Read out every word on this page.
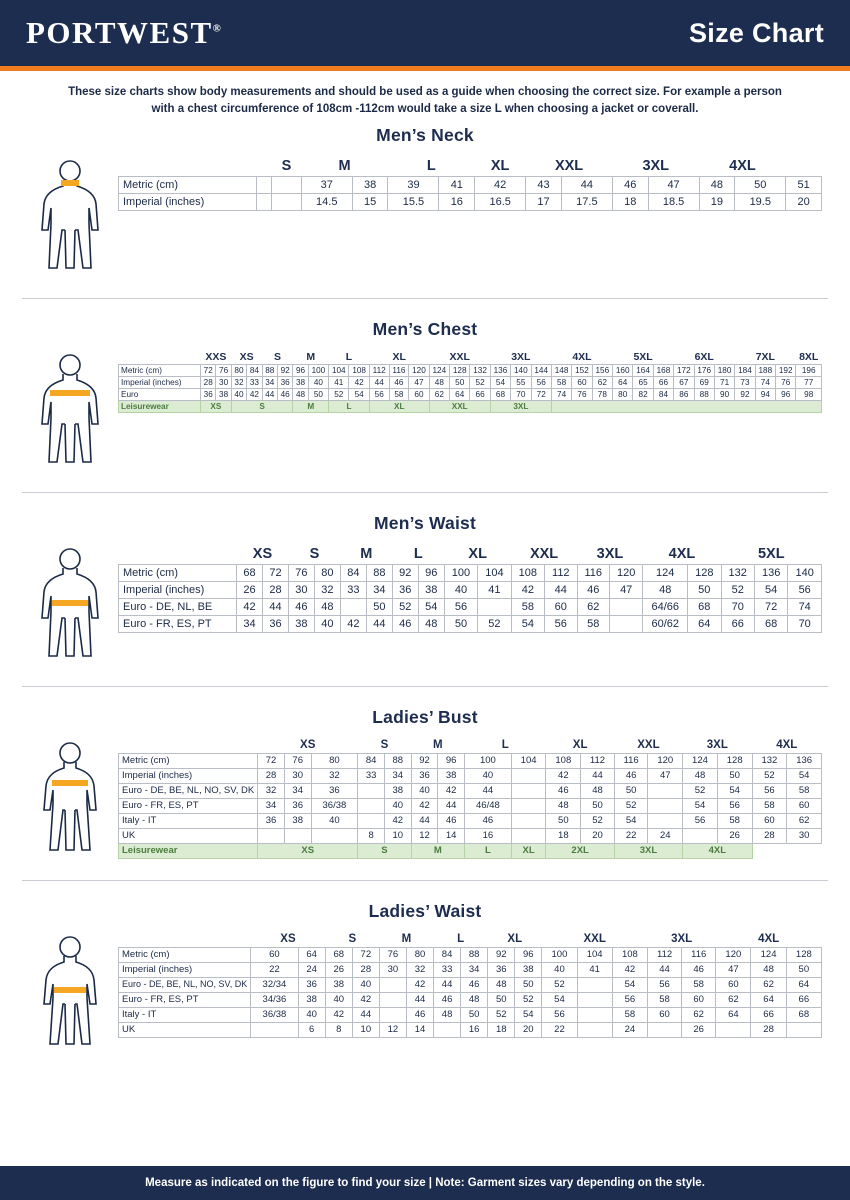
PORTWEST®	Size Chart
These size charts show body measurements and should be used as a guide when choosing the correct size. For example a person with a chest circumference of 108cm -112cm would take a size L when choosing a jacket or coverall.
Men’s Neck
		S	M		L		XL	XXL		3XL		4XL		
Metric (cm)			37	38	39	41	42	43	44	46	47	48	50	51
Imperial (inches)			14.5	15	15.5	16	16.5	17	17.5	18	18.5	19	19.5	20
Men’s Chest
	XXS		XS		S		M		L		XL			XXL			3XL			4XL			5XL			6XL			7XL			8XL
Metric (cm)	72	76	80	84	88	92	96	100	104	108	112	116	120	124	128	132	136	140	144	148	152	156	160	164	168	172	176	180	184	188	192	196
Imperial (inches)	28	30	32	33	34	36	38	40	41	42	44	46	47	48	50	52	54	55	56	58	60	62	64	65	66	67	69	71	73	74	76	77
Euro	36	38	40	42	44	46	48	50	52	54	56	58	60	62	64	66	68	70	72	74	76	78	80	82	84	86	88	90	92	94	96	98
Leisurewear	XS		S				M		L		XL			XXL			3XL															
Men’s Waist
	XS		S		M		L		XL		XXL		3XL		4XL		5XL		
Metric (cm)	68	72	76	80	84	88	92	96	100	104	108	112	116	120	124	128	132	136	140
Imperial (inches)	26	28	30	32	33	34	36	38	40	41	42	44	46	47	48	50	52	54	56
Euro - DE, NL, BE	42	44	46	48		50	52	54	56		58	60	62		64/66	68	70	72	74
Euro - FR, ES, PT	34	36	38	40	42	44	46	48	50	52	54	56	58		60/62	64	66	68	70
Ladies’ Bust
	XS			S		M		L		XL		XXL		3XL		4XL	
Metric (cm)	72	76	80	84	88	92	96	100	104	108	112	116	120	124	128	132	136
Imperial (inches)	28	30	32	33	34	36	38	40		42	44	46	47	48	50	52	54
Euro - DE, BE, NL, NO, SV, DK	32	34	36		38	40	42	44		46	48	50		52	54	56	58
Euro - FR, ES, PT	34	36	36/38		40	42	44	46/48		48	50	52		54	56	58	60
Italy - IT	36	38	40		42	44	46	46		50	52	54		56	58	60	62
UK				8	10	12	14	16		18	20	22	24		26	28	30
Leisurewear	XS			S		M		L	XL	2XL		3XL		4XL			
Ladies’ Waist
	XS		S		M		L		XL		XXL			3XL		4XL		
Metric (cm)	60	64	68	72	76	80	84	88	92	96	100	104	108	112	116	120	124	128
Imperial (inches)	22	24	26	28	30	32	33	34	36	38	40	41	42	44	46	47	48	50
Euro - DE, BE, NL, NO, SV, DK	32/34	36	38	40		42	44	46	48	50	52		54	56	58	60	62	64
Euro - FR, ES, PT	34/36	38	40	42		44	46	48	50	52	54		56	58	60	62	64	66
Italy - IT	36/38	40	42	44		46	48	50	52	54	56		58	60	62	64	66	68
UK		6	8	10	12	14		16	18	20	22		24		26		28	
Measure as indicated on the figure to find your size | Note: Garment sizes vary depending on the style.
